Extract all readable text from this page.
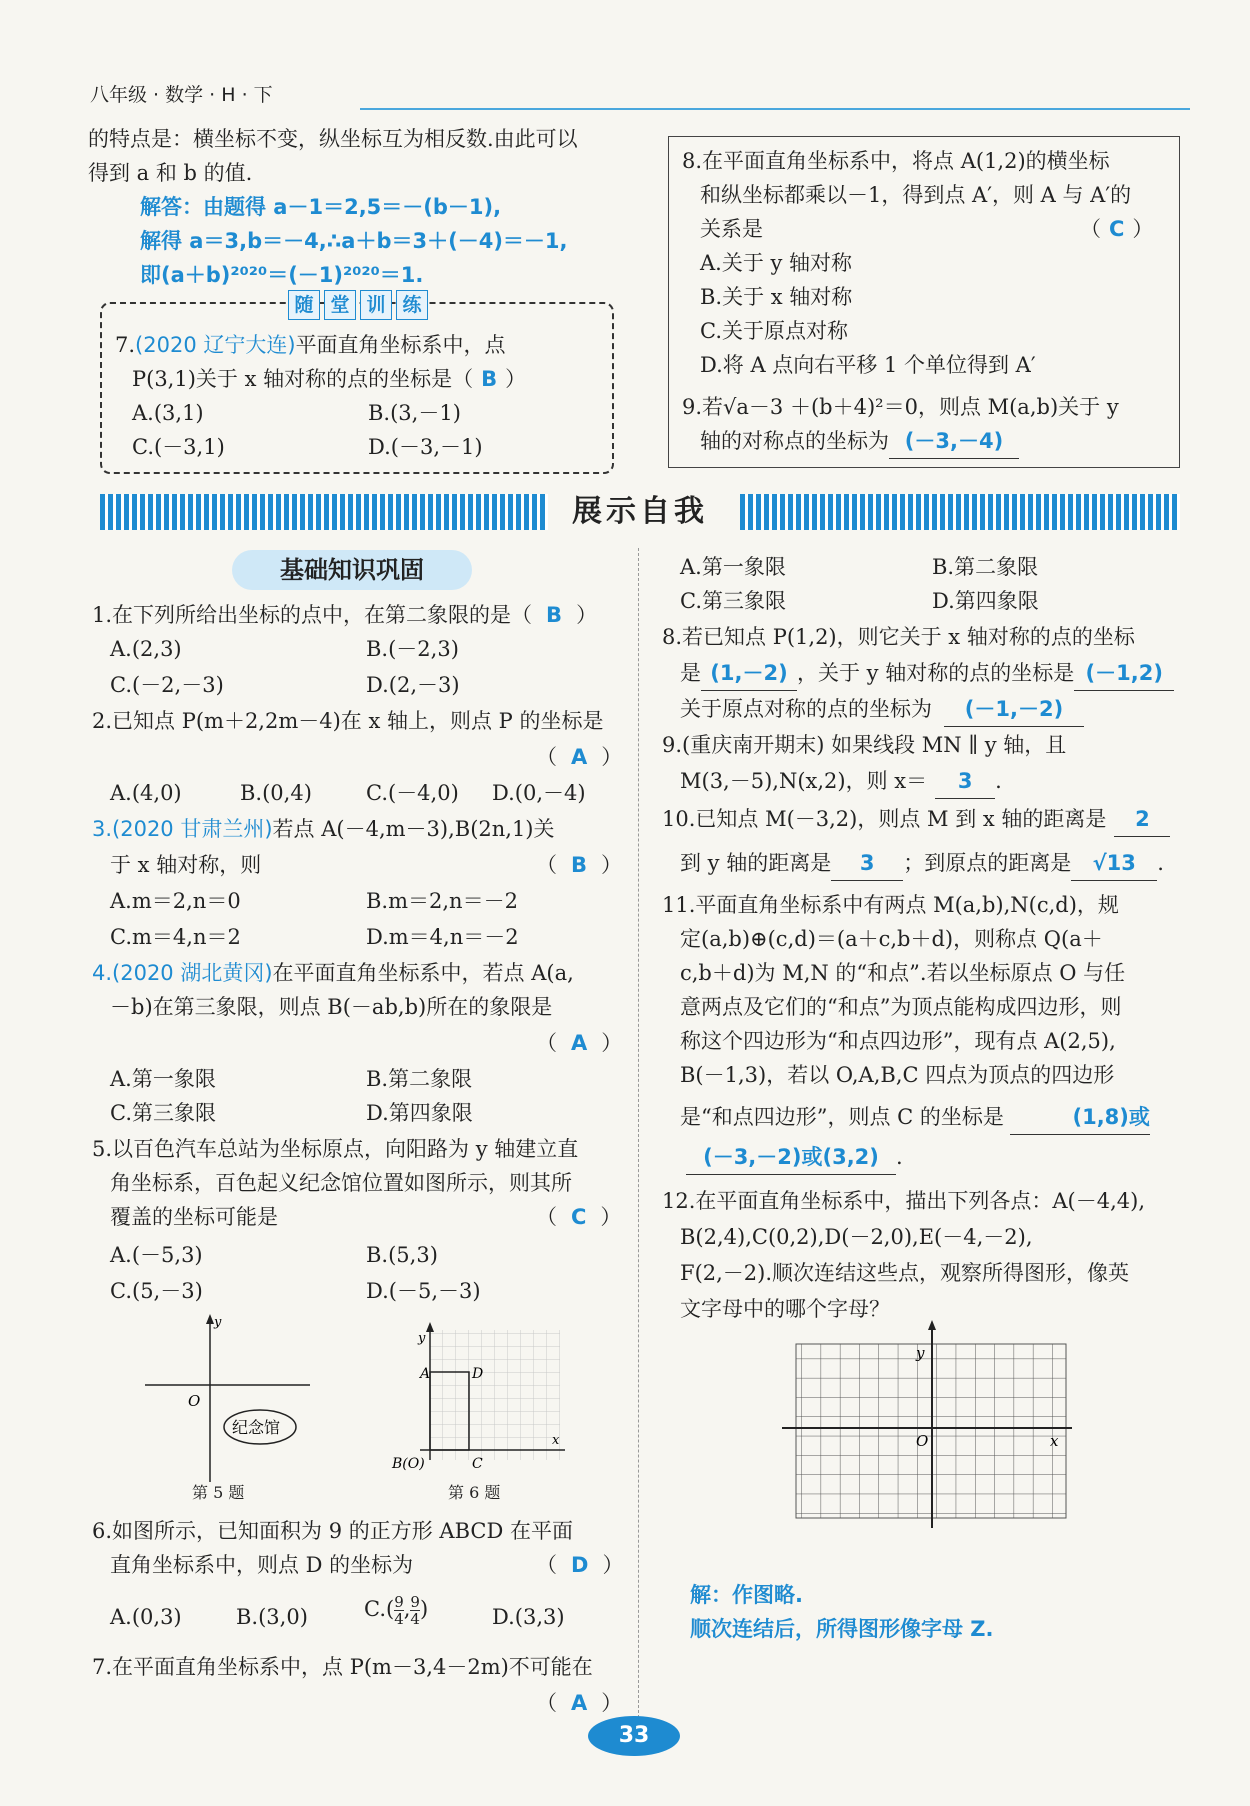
八年级 · 数学 · H · 下
的特点是：横坐标不变，纵坐标互为相反数.由此可以
得到 a 和 b 的值.
解答：由题得 a－1＝2,5＝－(b－1),
解得 a＝3,b＝－4,∴a＋b＝3＋(－4)＝－1,
即(a＋b)²⁰²⁰＝(－1)²⁰²⁰＝1.
随 堂 训 练
7.(2020 辽宁大连)平面直角坐标系中，点
P(3,1)关于 x 轴对称的点的坐标是（ B ）
A.(3,1)	B.(3,－1)
C.(－3,1)	D.(－3,－1)
8.在平面直角坐标系中，将点 A(1,2)的横坐标
和纵坐标都乘以－1，得到点 A′，则 A 与 A′的
关系是	（ C ）
A.关于 y 轴对称
B.关于 x 轴对称
C.关于原点对称
D.将 A 点向右平移 1 个单位得到 A′
9.若√a－3 ＋(b＋4)²＝0，则点 M(a,b)关于 y
轴的对称点的坐标为 (－3,－4)
展示自我
基础知识巩固
1.在下列所给出坐标的点中，在第二象限的是（ B ）
A.(2,3)	B.(－2,3)
C.(－2,－3)	D.(2,－3)
2.已知点 P(m＋2,2m－4)在 x 轴上，则点 P 的坐标是
（ A ）
A.(4,0)	B.(0,4)	C.(－4,0) D.(0,－4)
3.(2020 甘肃兰州)若点 A(－4,m－3),B(2n,1)关
于 x 轴对称，则	（ B ）
A.m＝2,n＝0	B.m＝2,n＝－2
C.m＝4,n＝2	D.m＝4,n＝－2
4.(2020 湖北黄冈)在平面直角坐标系中，若点 A(a,
－b)在第三象限，则点 B(－ab,b)所在的象限是
（ A ）
A.第一象限	B.第二象限
C.第三象限	D.第四象限
5.以百色汽车总站为坐标原点，向阳路为 y 轴建立直
角坐标系，百色起义纪念馆位置如图所示，则其所
覆盖的坐标可能是	（ C ）
A.(－5,3)	B.(5,3)
C.(5,－3)	D.(－5,－3)
y
O
纪念馆
第 5 题
y
x
A	D
B(O)	C
第 6 题
6.如图所示，已知面积为 9 的正方形 ABCD 在平面
直角坐标系中，则点 D 的坐标为	（ D ）
A.(0,3)	B.(3,0)	$C.( \frac{9}{4}$ , $\frac{9}{4}$ )	D.(3,3)
7.在平面直角坐标系中，点 P(m－3,4－2m)不可能在
（ A ）
A.第一象限	B.第二象限
C.第三象限	D.第四象限
8.若已知点 P(1,2)，则它关于 x 轴对称的点的坐标
是 (1,－2) ，关于 y 轴对称的点的坐标是 (－1,2)
关于原点对称的点的坐标为 (－1,－2)
9.(重庆南开期末) 如果线段 MN ∥ y 轴，且
M(3,－5),N(x,2)，则 x＝ 3 .
10.已知点 M(－3,2)，则点 M 到 x 轴的距离是 2
到 y 轴的距离是 3 ；到原点的距离是 √13 .
11.平面直角坐标系中有两点 M(a,b),N(c,d)，规
定(a,b)⊕(c,d)＝(a＋c,b＋d)，则称点 Q(a＋
c,b＋d)为 M,N 的“和点”.若以坐标原点 O 与任
意两点及它们的“和点”为顶点能构成四边形，则
称这个四边形为“和点四边形”，现有点 A(2,5),
B(－1,3)，若以 O,A,B,C 四点为顶点的四边形
是“和点四边形”，则点 C 的坐标是	(1,8)或
(－3,－2)或(3,2) .
12.在平面直角坐标系中，描出下列各点：A(－4,4),
B(2,4),C(0,2),D(－2,0),E(－4,－2),
F(2,－2).顺次连结这些点，观察所得图形，像英
文字母中的哪个字母？
y
x
O
解：作图略.
顺次连结后，所得图形像字母 Z.
33
